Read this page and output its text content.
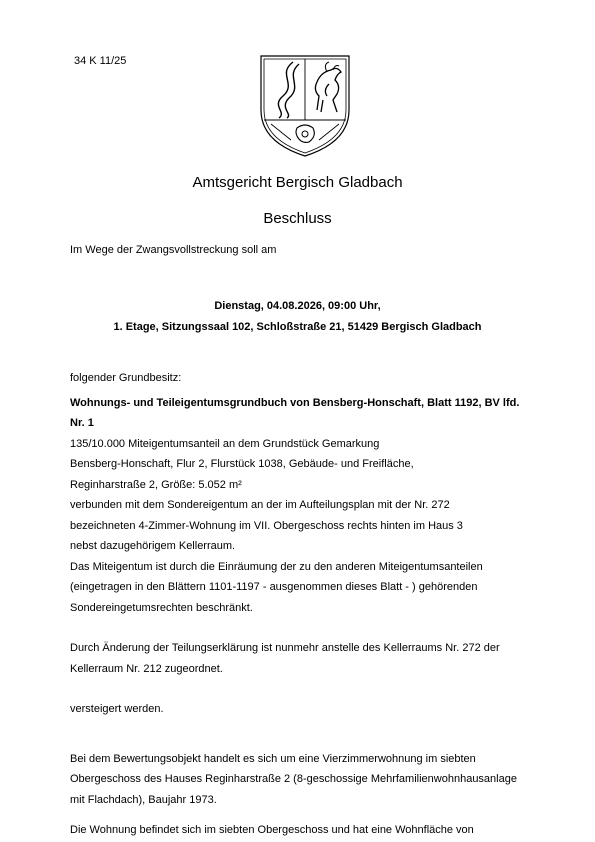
34 K 11/25
Amtsgericht Bergisch Gladbach
Beschluss
Im Wege der Zwangsvollstreckung soll am
Dienstag, 04.08.2026, 09:00 Uhr,
1. Etage, Sitzungssaal 102, Schloßstraße 21, 51429 Bergisch Gladbach

folgender Grundbesitz:

Wohnungs- und Teileigentumsgrundbuch von Bensberg-Honschaft, Blatt 1192, BV lfd. Nr. 1

135/10.000 Miteigentumsanteil an dem Grundstück Gemarkung

Bensberg-Honschaft, Flur 2, Flurstück 1038, Gebäude- und Freifläche,

Reginharstraße 2, Größe: 5.052 m²

verbunden mit dem Sondereigentum an der im Aufteilungsplan mit der Nr. 272

bezeichneten 4-Zimmer-Wohnung im VII. Obergeschoss rechts hinten im Haus 3

nebst dazugehörigem Kellerraum.

Das Miteigentum ist durch die Einräumung der zu den anderen Miteigentumsanteilen

(eingetragen in den Blättern 1101-1197 - ausgenommen dieses Blatt - ) gehörenden

Sondereingetumsrechten beschränkt.

Durch Änderung der Teilungserklärung ist nunmehr anstelle des Kellerraums Nr. 272 der Kellerraum Nr. 212 zugeordnet.

versteigert werden.

Bei dem Bewertungsobjekt handelt es sich um eine Vierzimmerwohnung im siebten Obergeschoss des Hauses Reginharstraße 2 (8-geschossige Mehrfamilienwohnhausanlage mit Flachdach), Baujahr 1973.

Die Wohnung befindet sich im siebten Obergeschoss und hat eine Wohnfläche von
